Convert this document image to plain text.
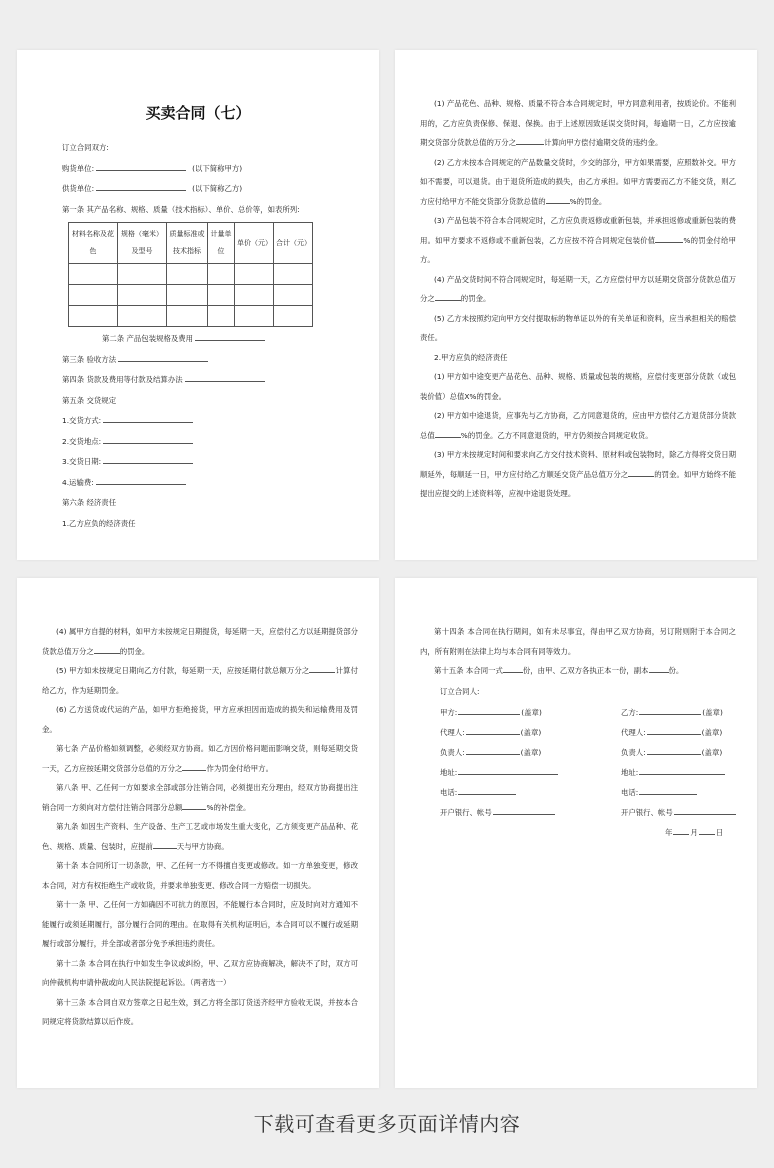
买卖合同（七）
订立合同双方:
购货单位:	(以下简称甲方)
供货单位:	(以下简称乙方)
第一条 其产品名称、规格、质量（技术指标）、单价、总价等，如表所列:
材料名称及花色	规格（毫米）及型号	质量标准或技术指标	计量单位	单价（元）	合计（元）

第二条 产品包装规格及费用
第三条 验收方法
第四条 货款及费用等付款及结算办法
第五条 交货规定
1.交货方式:
2.交货地点:
3.交货日期:
4.运输费:
第六条 经济责任
1.乙方应负的经济责任

(1) 产品花色、品种、规格、质量不符合本合同规定时，甲方同意利用者，按质论价。不能利用的，乙方应负责保修、保退、保换。由于上述原因致延误交货时间，每逾期一日，乙方应按逾期交货部分货款总值的万分之	计算向甲方偿付逾期交货的违约金。

(2) 乙方未按本合同规定的产品数量交货时，少交的部分，甲方如果需要，应照数补交。甲方如不需要，可以退货。由于退货所造成的损失，由乙方承担。如甲方需要而乙方不能交货，则乙方应付给甲方不能交货部分货款总值的	%的罚金。

(3) 产品包装不符合本合同规定时，乙方应负责返修或重新包装，并承担返修或重新包装的费用。如甲方要求不返修或不重新包装，乙方应按不符合同规定包装价值	%的罚金付给甲方。

(4) 产品交货时间不符合同规定时，每延期一天，乙方应偿付甲方以延期交货部分货款总值万分之	的罚金。

(5) 乙方未按照约定向甲方交付提取标的物单证以外的有关单证和资料，应当承担相关的赔偿责任。

2.甲方应负的经济责任

(1) 甲方如中途变更产品花色、品种、规格、质量或包装的规格，应偿付变更部分货款（或包装价值）总值X%的罚金。

(2) 甲方如中途退货，应事先与乙方协商，乙方同意退货的，应由甲方偿付乙方退货部分货款总值	%的罚金。乙方不同意退货的，甲方仍须按合同规定收货。

(3) 甲方未按规定时间和要求向乙方交付技术资料、原材料或包装物时，除乙方得将交货日期顺延外，每顺延一日，甲方应付给乙方顺延交货产品总值万分之	的罚金。如甲方始终不能提出应提交的上述资料等，应视中途退货处理。

(4) 属甲方自提的材料，如甲方未按规定日期提货，每延期一天，应偿付乙方以延期提货部分货款总值万分之	的罚金。

(5) 甲方如未按规定日期向乙方付款，每延期一天，应按延期付款总额万分之	计算付给乙方，作为延期罚金。

(6) 乙方送货或代运的产品，如甲方拒绝接货，甲方应承担因而造成的损失和运输费用及罚金。

第七条 产品价格如须调整，必须经双方协商。如乙方因价格问题而影响交货，则每延期交货一天，乙方应按延期交货部分总值的万分之	作为罚金付给甲方。

第八条 甲、乙任何一方如要求全部或部分注销合同，必须提出充分理由，经双方协商提出注销合同一方须向对方偿付注销合同部分总额	%的补偿金。

第九条 如因生产资料、生产设备、生产工艺或市场发生重大变化，乙方须变更产品品种、花色、规格、质量、包装时，应提前	天与甲方协商。

第十条 本合同所订一切条款，甲、乙任何一方不得擅自变更或修改。如一方单独变更，修改本合同，对方有权拒绝生产或收货，并要求单独变更、修改合同一方赔偿一切损失。

第十一条 甲、乙任何一方如确因不可抗力的原因，不能履行本合同时，应及时向对方通知不能履行或须延期履行，部分履行合同的理由。在取得有关机构证明后，本合同可以不履行或延期履行或部分履行，并全部或者部分免予承担违约责任。

第十二条 本合同在执行中如发生争议或纠纷，甲、乙双方应协商解决，解决不了时，双方可向仲裁机构申请仲裁或向人民法院提起诉讼。（两者选一）

第十三条 本合同自双方签章之日起生效，到乙方将全部订货送齐经甲方验收无误，并按本合同规定将货款结算以后作废。

第十四条 本合同在执行期间，如有未尽事宜，得由甲乙双方协商，另订附则附于本合同之内，所有附则在法律上均与本合同有同等效力。

第十五条 本合同一式	份，由甲、乙双方各执正本一份，副本	份。

订立合同人:
甲方:	(盖章)	乙方:	(盖章)
代理人:	(盖章)	代理人:	(盖章)
负责人:	(盖章)	负责人:	(盖章)
地址:	地址:
电话:	电话:
开户银行、帐号	开户银行、帐号
年 月 日
下载可查看更多页面详情内容
